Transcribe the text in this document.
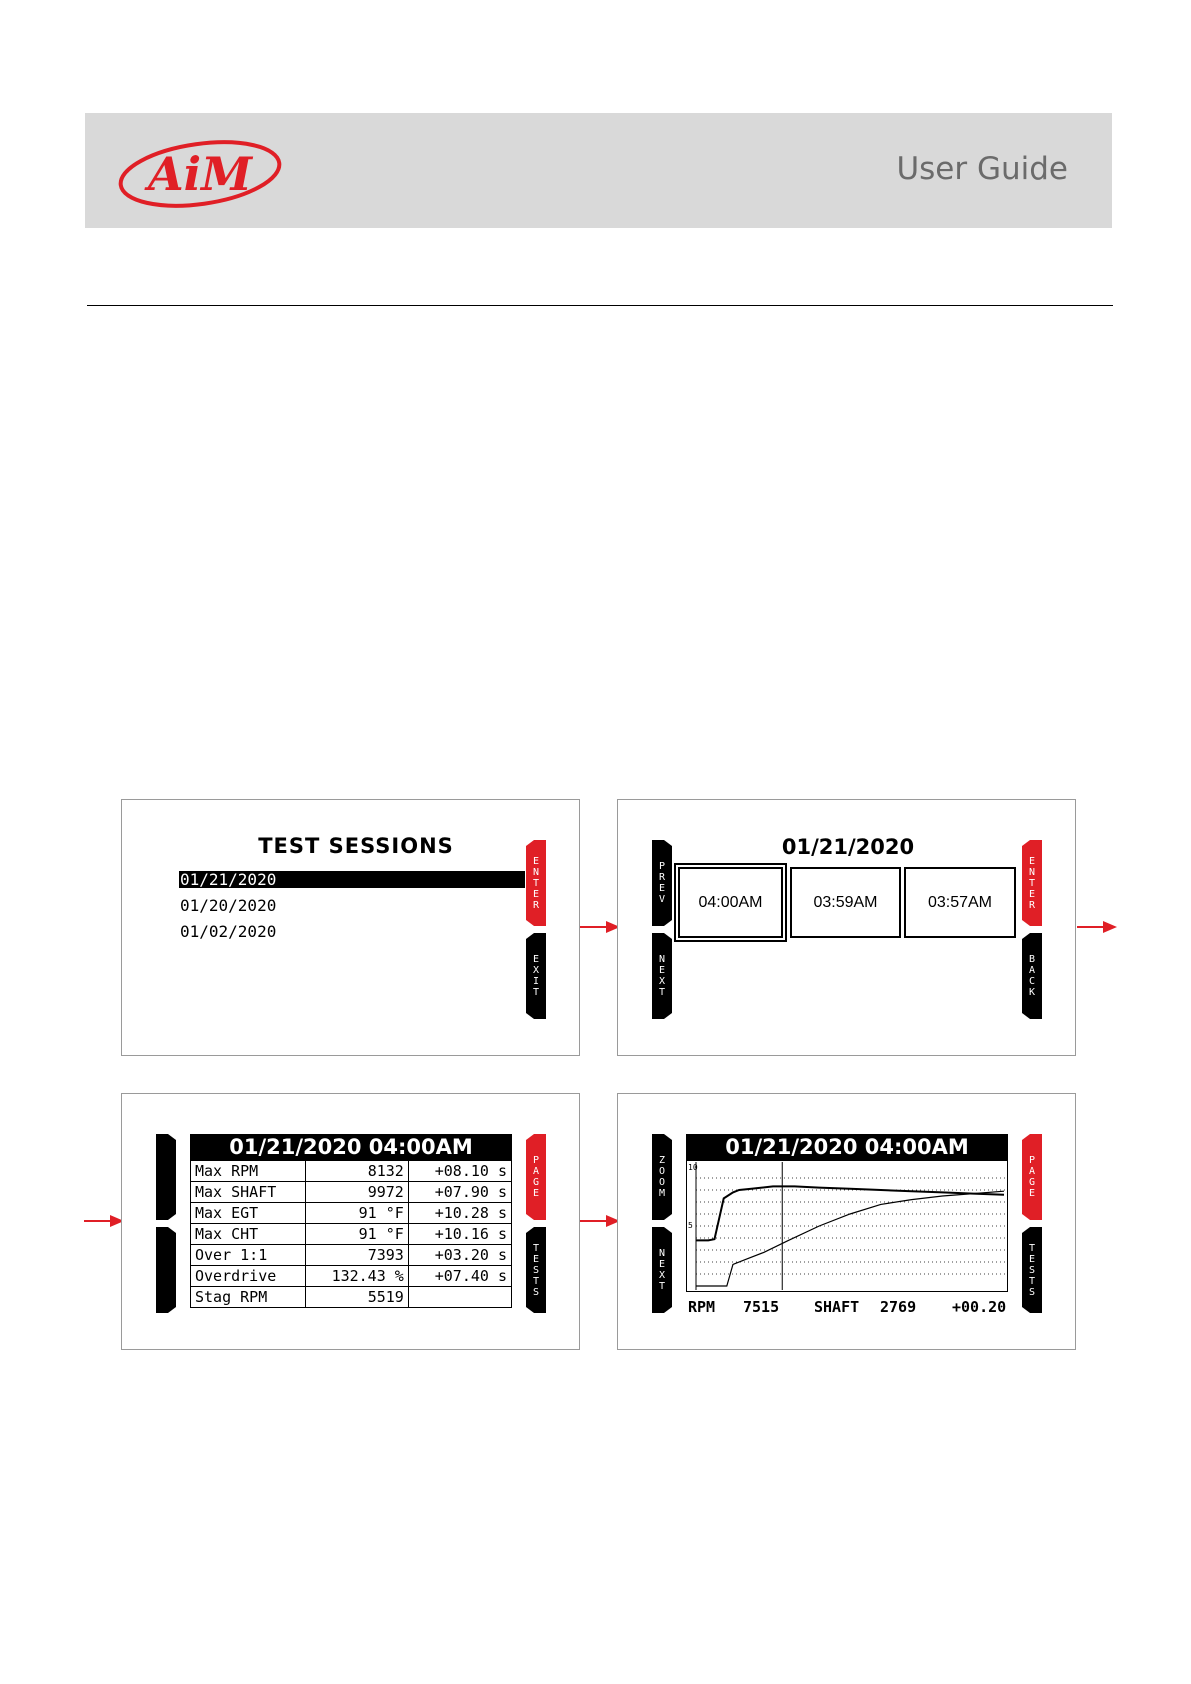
AiM	User Guide
TEST SESSIONS
01/21/2020
01/20/2020
01/02/2020
E
N
T
E
R
E
X
I
T
01/21/2020
P
R
E
V
N
E
X
T
04:00AM	03:59AM	03:57AM
E
N
T
E
R
B
A
C
K
01/21/2020 04:00AM
Max RPM	8132	+08.10 s
Max SHAFT	9972	+07.90 s
Max EGT	91 °F	+10.28 s
Max CHT	91 °F	+10.16 s
Over 1:1	7393	+03.20 s
Overdrive	132.43 %	+07.40 s
Stag RPM	5519	
P
A
G
E
T
E
S
T
S
Z
O
O
M
N
E
X
T
01/21/2020 04:00AM
10
5
RPM 7515 SHAFT 2769 +00.20
P
A
G
E
T
E
S
T
S
